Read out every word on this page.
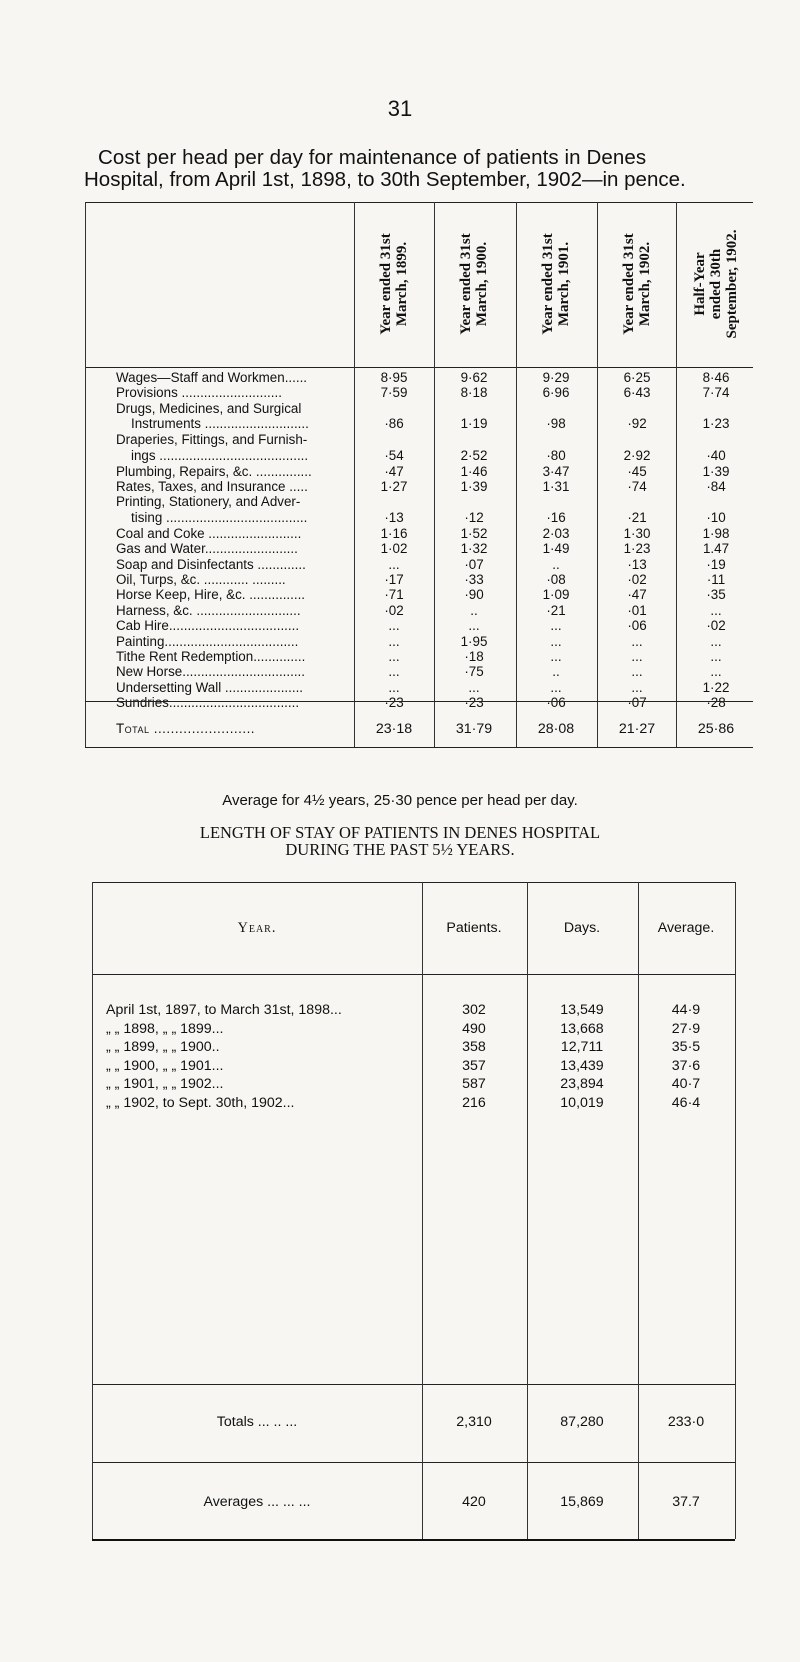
31
Cost per head per day for maintenance of patients in Denes
Hospital, from April 1st, 1898, to 30th September, 1902—in pence.
Year ended 31st March, 1899.	Year ended 31st March, 1900.	Year ended 31st March, 1901.	Year ended 31st March, 1902.	Half-Year ended 30th September, 1902.
Wages—Staff and Workmen......	8·95	9·62	9·29	6·25	8·46
Provisions ...........................	7·59	8·18	6·96	6·43	7·74
Drugs, Medicines, and Surgical
Instruments ............................	·86	1·19	·98	·92	1·23
Draperies, Fittings, and Furnish-
ings ........................................	·54	2·52	·80	2·92	·40
Plumbing, Repairs, &c. ...............	·47	1·46	3·47	·45	1·39
Rates, Taxes, and Insurance .....	1·27	1·39	1·31	·74	·84
Printing, Stationery, and Adver-
tising ......................................	·13	·12	·16	·21	·10
Coal and Coke .........................	1·16	1·52	2·03	1·30	1·98
Gas and Water.........................	1·02	1·32	1·49	1·23	1.47
Soap and Disinfectants .............	...	·07	..	·13	·19
Oil, Turps, &c. ............ .........	·17	·33	·08	·02	·11
Horse Keep, Hire, &c. ...............	·71	·90	1·09	·47	·35
Harness, &c. ............................	·02	..	·21	·01	...
Cab Hire...................................	...	...	...	·06	·02
Painting....................................	...	1·95	...	...	...
Tithe Rent Redemption..............	...	·18	...	...	...
New Horse.................................	...	·75	..	...	...
Undersetting Wall .....................	...	...	...	...	1·22
Sundries...................................	·23	·23	·06	·07	·28
Total ........................	23·18	31·79	28·08	21·27	25·86
Average for 4½ years, 25·30 pence per head per day.
LENGTH OF STAY OF PATIENTS IN DENES HOSPITAL
DURING THE PAST 5½ YEARS.
Year.	Patients.	Days.	Average.
April 1st, 1897, to March 31st, 1898...	302	13,549	44·9
„ „ 1898, „ „ 1899...	490	13,668	27·9
„ „ 1899, „ „ 1900..	358	12,711	35·5
„ „ 1900, „ „ 1901...	357	13,439	37·6
„ „ 1901, „ „ 1902...	587	23,894	40·7
„ „ 1902, to Sept. 30th, 1902...	216	10,019	46·4
Totals ... .. ...	2,310	87,280	233·0
Averages ... ... ...	420	15,869	37.7
